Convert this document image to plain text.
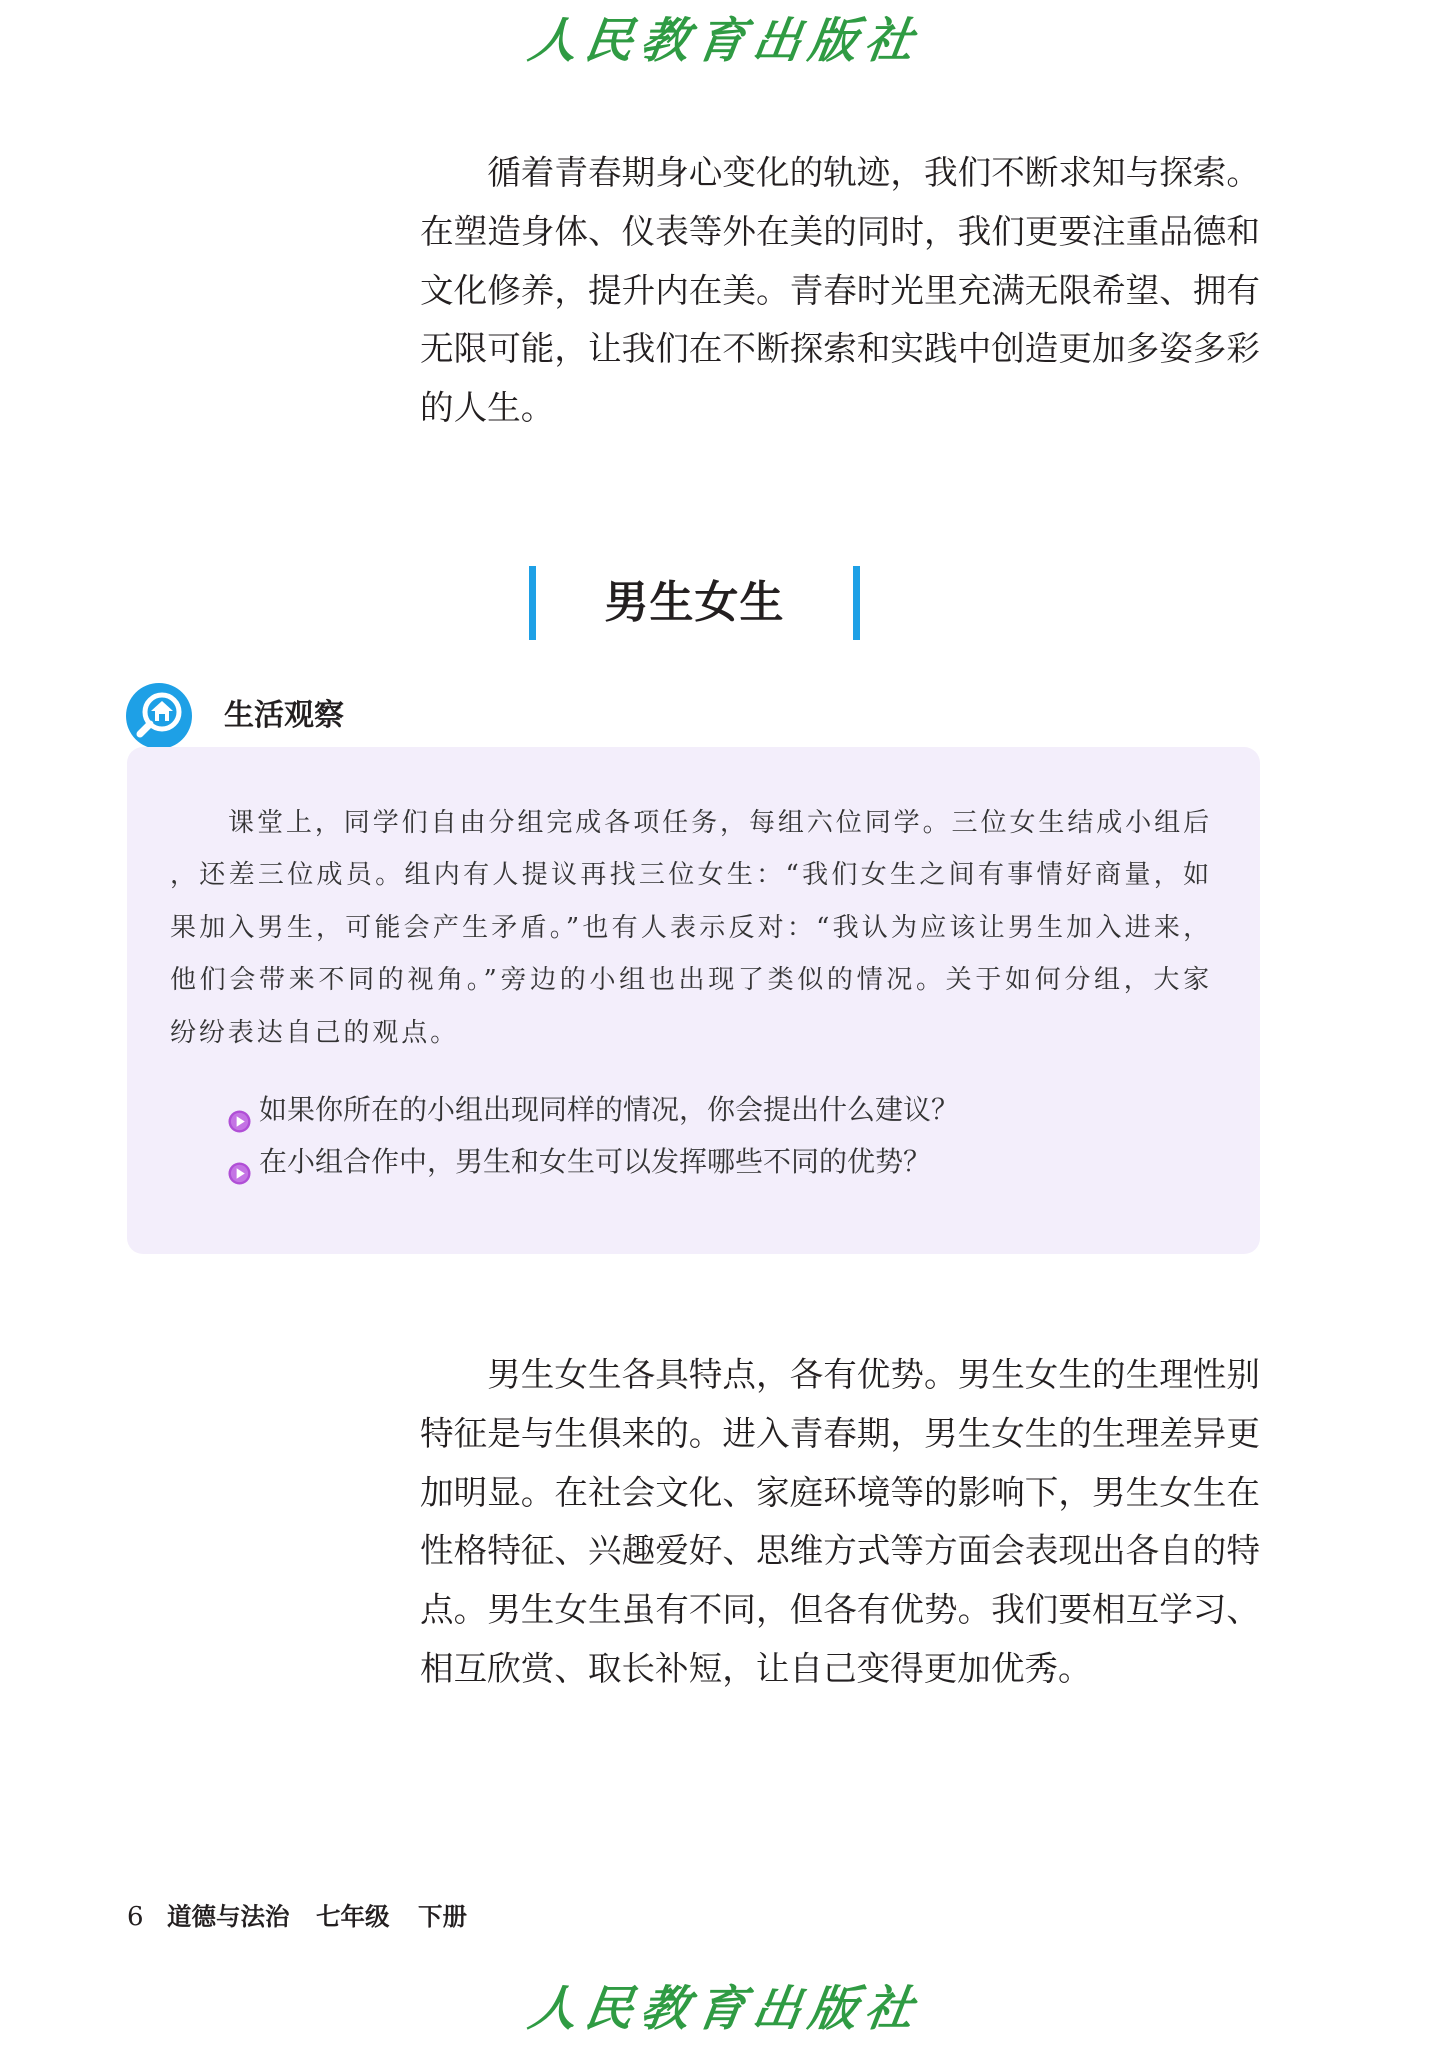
人民教育出版社

循着青春期身心变化的轨迹，我们不断求知与探索。在塑造身体、仪表等外在美的同时，我们更要注重品德和文化修养，提升内在美。青春时光里充满无限希望、拥有无限可能，让我们在不断探索和实践中创造更加多姿多彩的人生。

男生女生
生活观察

课堂上，同学们自由分组完成各项任务，每组六位同学。三位女生结成小组后，还差三位成员。组内有人提议再找三位女生：“我们女生之间有事情好商量，如果加入男生，可能会产生矛盾。”也有人表示反对：“我认为应该让男生加入进来，他们会带来不同的视角。”旁边的小组也出现了类似的情况。关于如何分组，大家纷纷表达自己的观点。

如果你所在的小组出现同样的情况，你会提出什么建议？
在小组合作中，男生和女生可以发挥哪些不同的优势？

男生女生各具特点，各有优势。男生女生的生理性别特征是与生俱来的。进入青春期，男生女生的生理差异更加明显。在社会文化、家庭环境等的影响下，男生女生在性格特征、兴趣爱好、思维方式等方面会表现出各自的特点。男生女生虽有不同，但各有优势。我们要相互学习、相互欣赏、取长补短，让自己变得更加优秀。

6 道德与法治 七年级 下册
人民教育出版社
